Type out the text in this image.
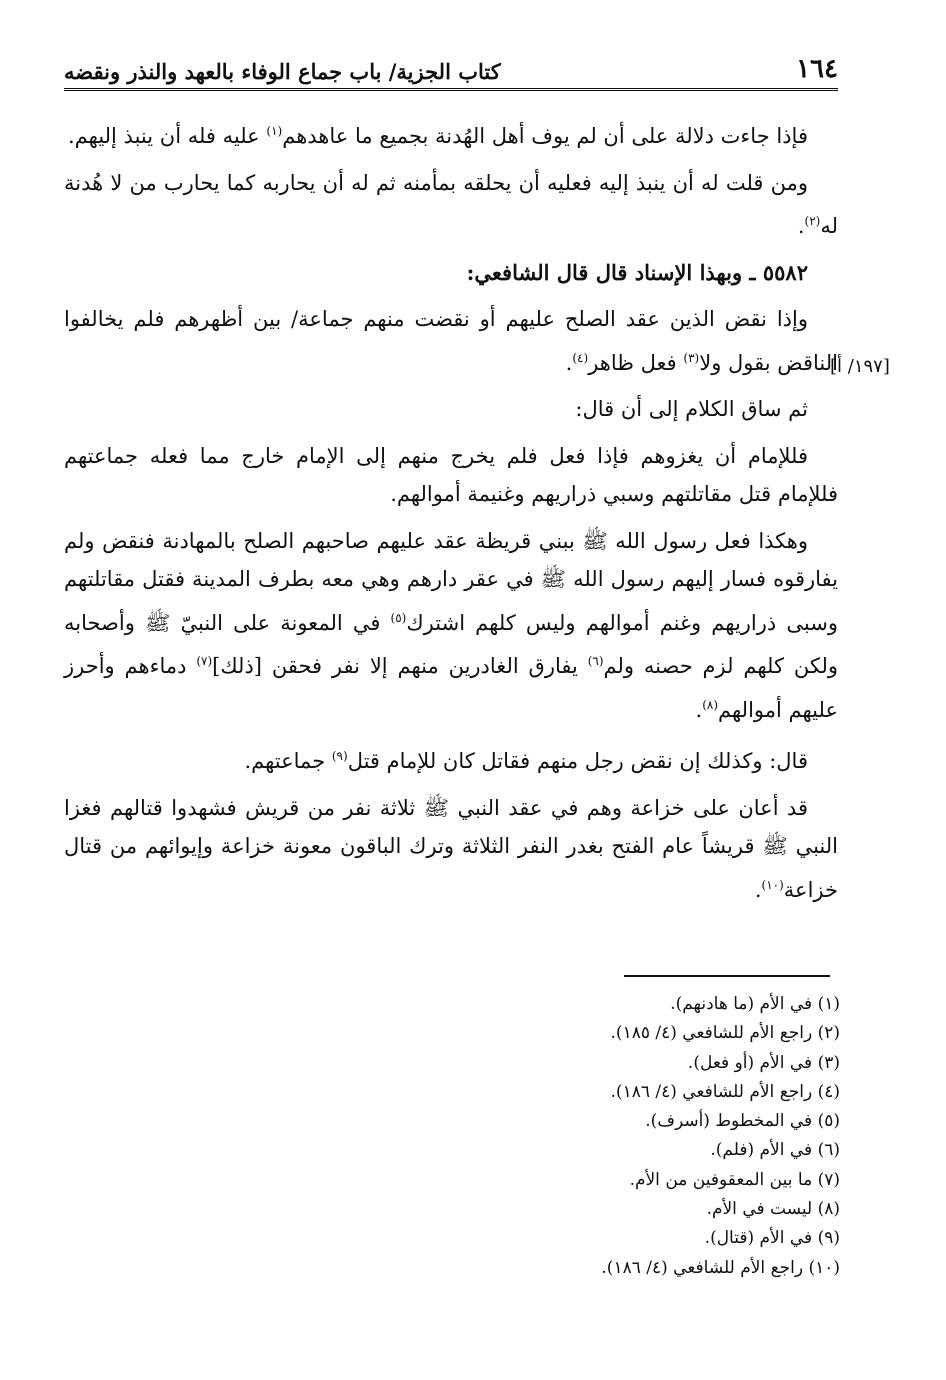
١٦٤
كتاب الجزية/ باب جماع الوفاء بالعهد والنذر ونقضه
[١٩٧/ أ]

فإذا جاءت دلالة على أن لم يوف أهل الهُدنة بجميع ما عاهدهم$^{(١)}$ عليه فله أن ينبذ إليهم.

ومن قلت له أن ينبذ إليه فعليه أن يحلقه بمأمنه ثم له أن يحاربه كما يحارب من لا هُدنة له$^{(٢)}$.

٥٥٨٢ ـ وبهذا الإسناد قال قال الشافعي:

وإذا نقض الذين عقد الصلح عليهم أو نقضت منهم جماعة/ بين أظهرهم فلم يخالفوا الناقض بقول ولا$^{(٣)}$ فعل ظاهر$^{(٤)}$.

ثم ساق الكلام إلى أن قال:

فللإمام أن يغزوهم فإذا فعل فلم يخرج منهم إلى الإمام خارج مما فعله جماعتهم فللإمام قتل مقاتلتهم وسبي ذراريهم وغنيمة أموالهم.

وهكذا فعل رسول الله ﷺ ببني قريظة عقد عليهم صاحبهم الصلح بالمهادنة فنقض ولم يفارقوه فسار إليهم رسول الله ﷺ في عقر دارهم وهي معه بطرف المدينة فقتل مقاتلتهم وسبى ذراريهم وغنم أموالهم وليس كلهم اشترك$^{(٥)}$ في المعونة على النبيّ ﷺ وأصحابه ولكن كلهم لزم حصنه ولم$^{(٦)}$ يفارق الغادرين منهم إلا نفر فحقن [ذلك]$^{(٧)}$ دماءهم وأحرز عليهم أموالهم$^{(٨)}$.

قال: وكذلك إن نقض رجل منهم فقاتل كان للإمام قتل$^{(٩)}$ جماعتهم.

قد أعان على خزاعة وهم في عقد النبي ﷺ ثلاثة نفر من قريش فشهدوا قتالهم فغزا النبي ﷺ قريشاً عام الفتح بغدر النفر الثلاثة وترك الباقون معونة خزاعة وإيوائهم من قتال خزاعة$^{(١٠)}$.

(١) في الأم (ما هادنهم).

(٢) راجع الأم للشافعي (٤/ ١٨٥).

(٣) في الأم (أو فعل).

(٤) راجع الأم للشافعي (٤/ ١٨٦).

(٥) في المخطوط (أسرف).

(٦) في الأم (فلم).

(٧) ما بين المعقوفين من الأم.

(٨) ليست في الأم.

(٩) في الأم (قتال).

(١٠) راجع الأم للشافعي (٤/ ١٨٦).
